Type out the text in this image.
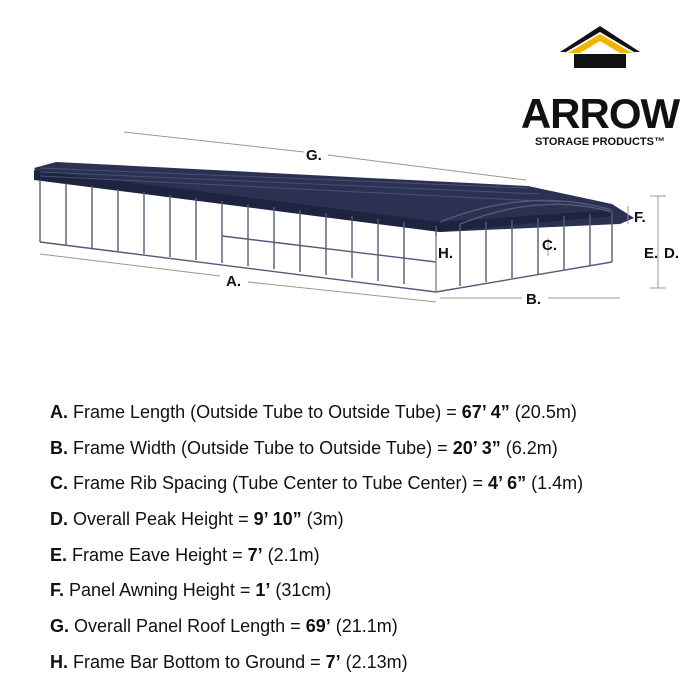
ARROW
STORAGE PRODUCTS™
G.
A.
B.
H.	C.
F.
E. D.
A. Frame Length (Outside Tube to Outside Tube) = 67’ 4” (20.5m)
B. Frame Width (Outside Tube to Outside Tube) = 20’ 3” (6.2m)
C. Frame Rib Spacing (Tube Center to Tube Center) = 4’ 6” (1.4m)
D. Overall Peak Height = 9’ 10” (3m)
E. Frame Eave Height = 7’ (2.1m)
F. Panel Awning Height = 1’ (31cm)
G. Overall Panel Roof Length = 69’ (21.1m)
H. Frame Bar Bottom to Ground = 7’ (2.13m)
